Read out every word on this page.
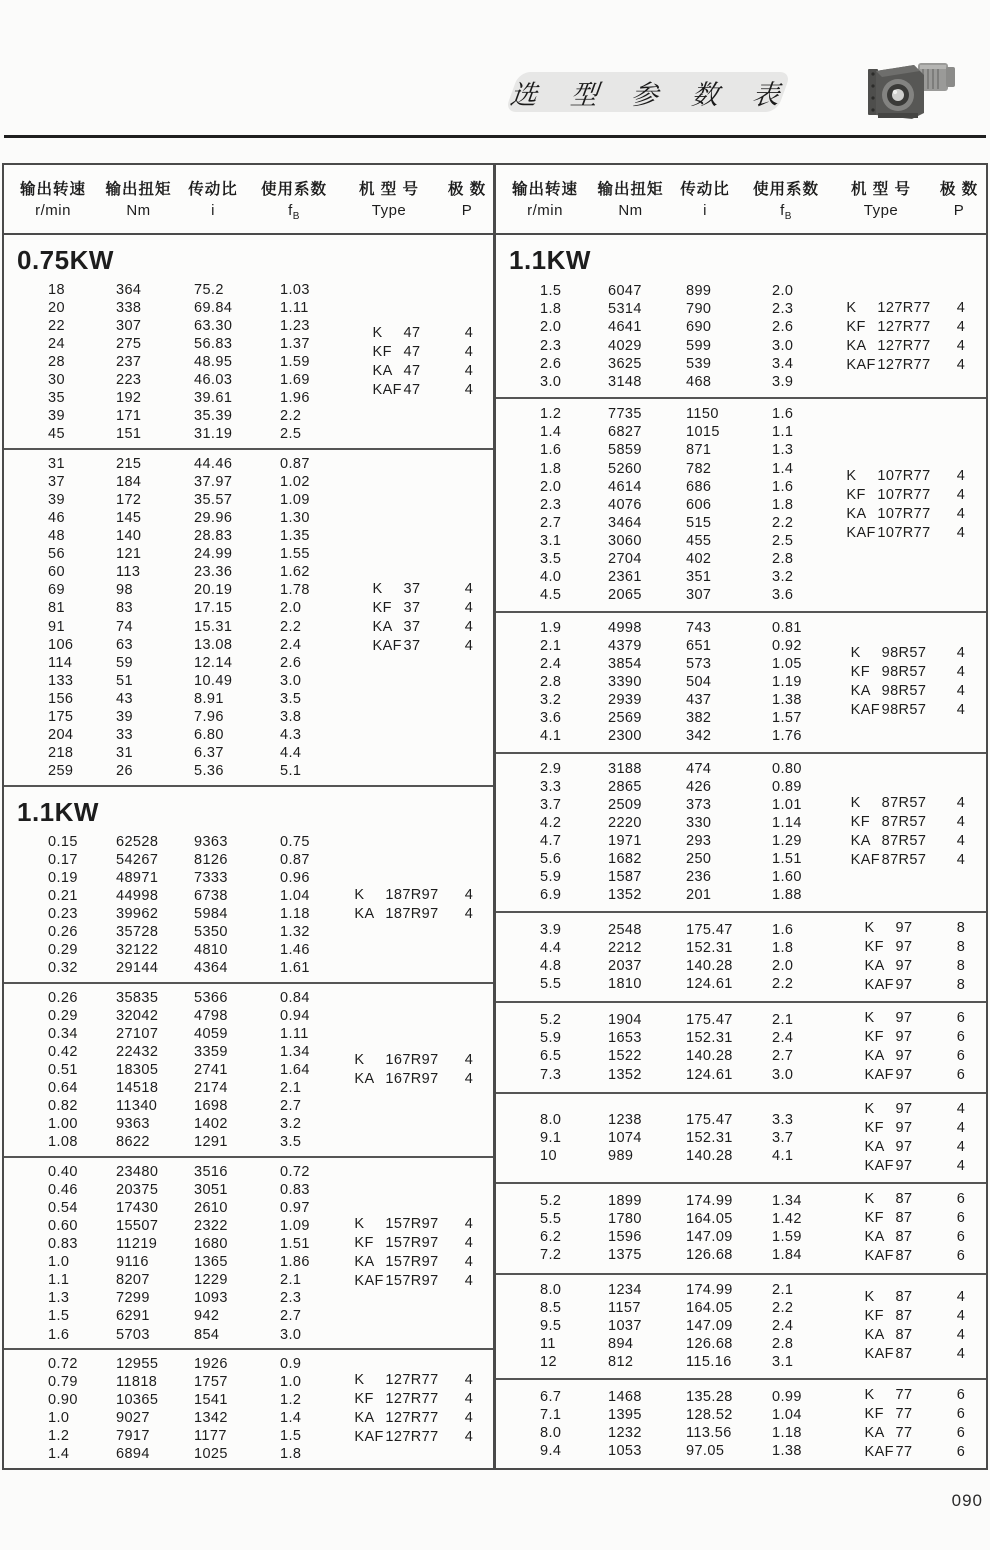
选 型 参 数 表
输出转速	输出扭矩	传动比	使用系数	机 型 号	极 数
r/min	Nm	i	$f_B$	Type	P
0.75KW
18	364	75.2	1.03
20	338	69.84	1.11
22	307	63.30	1.23
24	275	56.83	1.37
28	237	48.95	1.59
30	223	46.03	1.69
35	192	39.61	1.96
39	171	35.39	2.2
45	151	31.19	2.5
K	47	4
KF 47	4
KA 47	4
KAF 47	4
31	215	44.46	0.87
37	184	37.97	1.02
39	172	35.57	1.09
46	145	29.96	1.30
48	140	28.83	1.35
56	121	24.99	1.55
60	113	23.36	1.62
69	98	20.19	1.78
81	83	17.15	2.0
91	74	15.31	2.2
106	63	13.08	2.4
114	59	12.14	2.6
133	51	10.49	3.0
156	43	8.91	3.5
175	39	7.96	3.8
204	33	6.80	4.3
218	31	6.37	4.4
259	26	5.36	5.1
K	37	4
KF 37	4
KA 37	4
KAF 37	4
1.1KW
0.15	62528	9363	0.75
0.17	54267	8126	0.87
0.19	48971	7333	0.96
0.21	44998	6738	1.04
0.23	39962	5984	1.18
0.26	35728	5350	1.32
0.29	32122	4810	1.46
0.32	29144	4364	1.61
K	187R97	4
KA 187R97	4
0.26	35835	5366	0.84
0.29	32042	4798	0.94
0.34	27107	4059	1.11
0.42	22432	3359	1.34
0.51	18305	2741	1.64
0.64	14518	2174	2.1
0.82	11340	1698	2.7
1.00	9363	1402	3.2
1.08	8622	1291	3.5
K	167R97	4
KA 167R97	4
0.40	23480	3516	0.72
0.46	20375	3051	0.83
0.54	17430	2610	0.97
0.60	15507	2322	1.09
0.83	11219	1680	1.51
1.0	9116	1365	1.86
1.1	8207	1229	2.1
1.3	7299	1093	2.3
1.5	6291	942	2.7
1.6	5703	854	3.0
K	157R97	4
KF 157R97	4
KA 157R97	4
KAF 157R97	4
0.72	12955	1926	0.9
0.79	11818	1757	1.0
0.90	10365	1541	1.2
1.0	9027	1342	1.4
1.2	7917	1177	1.5
1.4	6894	1025	1.8
K	127R77	4
KF 127R77	4
KA 127R77	4
KAF 127R77	4
输出转速	输出扭矩	传动比	使用系数	机 型 号	极 数
r/min	Nm	i	$f_B$	Type	P
1.1KW
1.5	6047	899	2.0
1.8	5314	790	2.3
2.0	4641	690	2.6
2.3	4029	599	3.0
2.6	3625	539	3.4
3.0	3148	468	3.9
K	127R77	4
KF 127R77	4
KA 127R77	4
KAF 127R77	4
1.2	7735	1150	1.6
1.4	6827	1015	1.1
1.6	5859	871	1.3
1.8	5260	782	1.4
2.0	4614	686	1.6
2.3	4076	606	1.8
2.7	3464	515	2.2
3.1	3060	455	2.5
3.5	2704	402	2.8
4.0	2361	351	3.2
4.5	2065	307	3.6
K	107R77	4
KF 107R77	4
KA 107R77	4
KAF 107R77	4
1.9	4998	743	0.81
2.1	4379	651	0.92
2.4	3854	573	1.05
2.8	3390	504	1.19
3.2	2939	437	1.38
3.6	2569	382	1.57
4.1	2300	342	1.76
K	98R57	4
KF 98R57	4
KA 98R57	4
KAF 98R57	4
2.9	3188	474	0.80
3.3	2865	426	0.89
3.7	2509	373	1.01
4.2	2220	330	1.14
4.7	1971	293	1.29
5.6	1682	250	1.51
5.9	1587	236	1.60
6.9	1352	201	1.88
K	87R57	4
KF 87R57	4
KA 87R57	4
KAF 87R57	4
3.9	2548	175.47	1.6
4.4	2212	152.31	1.8
4.8	2037	140.28	2.0
5.5	1810	124.61	2.2
K	97	8
KF 97	8
KA 97	8
KAF 97	8
5.2	1904	175.47	2.1
5.9	1653	152.31	2.4
6.5	1522	140.28	2.7
7.3	1352	124.61	3.0
K	97	6
KF 97	6
KA 97	6
KAF 97	6
8.0	1238	175.47	3.3
9.1	1074	152.31	3.7
10	989	140.28	4.1
K	97	4
KF 97	4
KA 97	4
KAF 97	4
5.2	1899	174.99	1.34
5.5	1780	164.05	1.42
6.2	1596	147.09	1.59
7.2	1375	126.68	1.84
K	87	6
KF 87	6
KA 87	6
KAF 87	6
8.0	1234	174.99	2.1
8.5	1157	164.05	2.2
9.5	1037	147.09	2.4
11	894	126.68	2.8
12	812	115.16	3.1
K	87	4
KF 87	4
KA 87	4
KAF 87	4
6.7	1468	135.28	0.99
7.1	1395	128.52	1.04
8.0	1232	113.56	1.18
9.4	1053	97.05	1.38
K	77	6
KF 77	6
KA 77	6
KAF 77	6
090
